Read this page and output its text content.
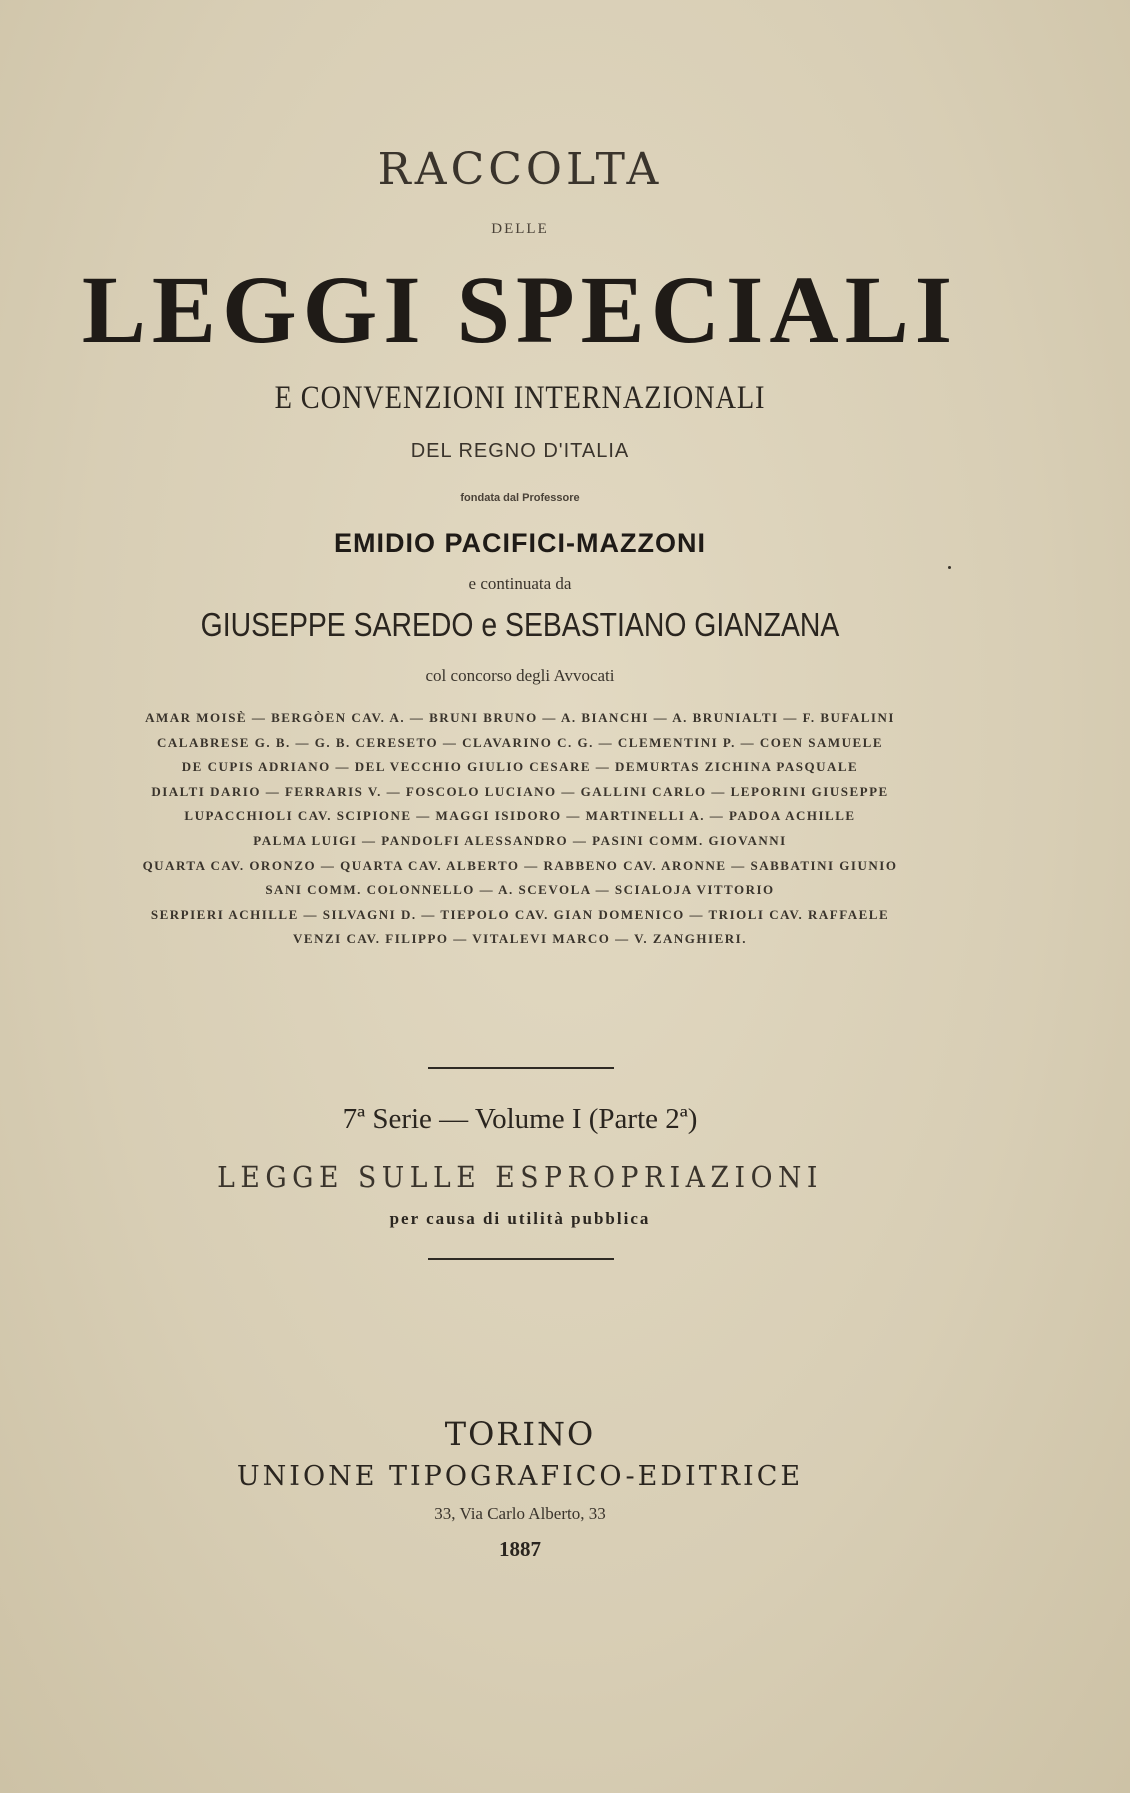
RACCOLTA
DELLE
LEGGI SPECIALI
E CONVENZIONI INTERNAZIONALI
DEL REGNO D'ITALIA
fondata dal Professore
EMIDIO PACIFICI-MAZZONI
e continuata da
GIUSEPPE SAREDO e SEBASTIANO GIANZANA
col concorso degli Avvocati
AMAR MOISÈ — BERGÒEN CAV. A. — BRUNI BRUNO — A. BIANCHI — A. BRUNIALTI — F. BUFALINI
CALABRESE G. B. — G. B. CERESETO — CLAVARINO C. G. — CLEMENTINI P. — COEN SAMUELE
DE CUPIS ADRIANO — DEL VECCHIO GIULIO CESARE — DEMURTAS ZICHINA PASQUALE
DIALTI DARIO — FERRARIS V. — FOSCOLO LUCIANO — GALLINI CARLO — LEPORINI GIUSEPPE
LUPACCHIOLI CAV. SCIPIONE — MAGGI ISIDORO — MARTINELLI A. — PADOA ACHILLE
PALMA LUIGI — PANDOLFI ALESSANDRO — PASINI COMM. GIOVANNI
QUARTA CAV. ORONZO — QUARTA CAV. ALBERTO — RABBENO CAV. ARONNE — SABBATINI GIUNIO
SANI COMM. COLONNELLO — A. SCEVOLA — SCIALOJA VITTORIO
SERPIERI ACHILLE — SILVAGNI D. — TIEPOLO CAV. GIAN DOMENICO — TRIOLI CAV. RAFFAELE
VENZI CAV. FILIPPO — VITALEVI MARCO — V. ZANGHIERI.
7ª Serie — Volume I (Parte 2ª)
LEGGE SULLE ESPROPRIAZIONI
per causa di utilità pubblica
TORINO
UNIONE TIPOGRAFICO-EDITRICE
33, Via Carlo Alberto, 33
1887
